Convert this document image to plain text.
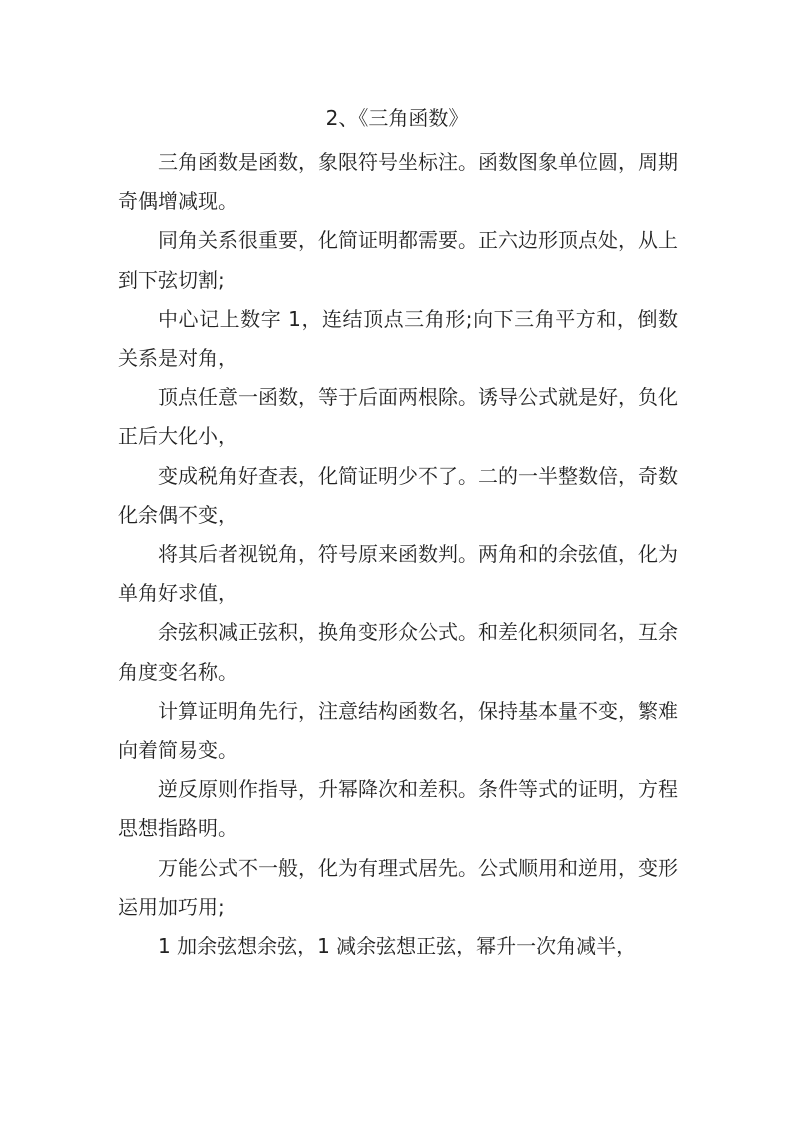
2、《三角函数》

三角函数是函数，象限符号坐标注。函数图象单位圆，周期奇偶增减现。

同角关系很重要，化简证明都需要。正六边形顶点处，从上到下弦切割;

中心记上数字 1，连结顶点三角形;向下三角平方和，倒数关系是对角，

顶点任意一函数，等于后面两根除。诱导公式就是好，负化正后大化小，

变成税角好查表，化简证明少不了。二的一半整数倍，奇数化余偶不变，

将其后者视锐角，符号原来函数判。两角和的余弦值，化为单角好求值，

余弦积减正弦积，换角变形众公式。和差化积须同名，互余角度变名称。

计算证明角先行，注意结构函数名，保持基本量不变，繁难向着简易变。

逆反原则作指导，升幂降次和差积。条件等式的证明，方程思想指路明。

万能公式不一般，化为有理式居先。公式顺用和逆用，变形运用加巧用;

1 加余弦想余弦，1 减余弦想正弦，幂升一次角减半，
